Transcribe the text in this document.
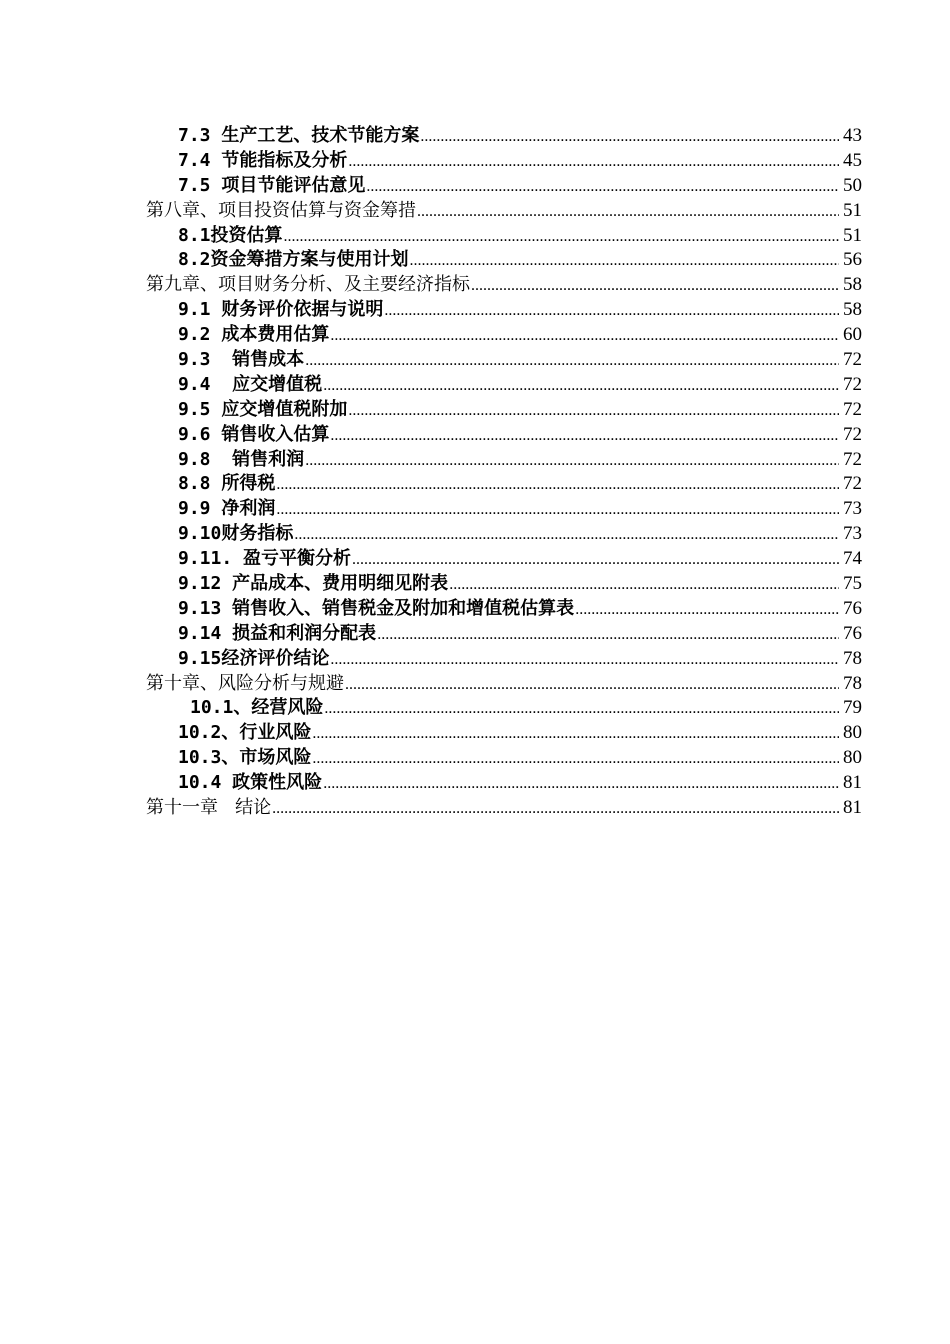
7.3 生产工艺、技术节能方案 .....	43
7.4 节能指标及分析 .....	45
7.5 项目节能评估意见 .....	50
第八章、项目投资估算与资金筹措 .....	51
8.1投资估算 .....	51
8.2资金筹措方案与使用计划 .....	56
第九章、项目财务分析、及主要经济指标 .....	58
9.1 财务评价依据与说明 .....	58
9.2 成本费用估算 .....	60
9.3  销售成本 .....	72
9.4  应交增值税 .....	72
9.5 应交增值税附加 .....	72
9.6 销售收入估算 .....	72
9.8  销售利润 .....	72
8.8 所得税 .....	72
9.9 净利润 .....	73
9.10财务指标 .....	73
9.11. 盈亏平衡分析 .....	74
9.12 产品成本、费用明细见附表 .....	75
9.13 销售收入、销售税金及附加和增值税估算表 .....	76
9.14 损益和利润分配表 .....	76
9.15经济评价结论 .....	78
第十章、风险分析与规避 .....	78
10.1、经营风险 .....	79
10.2、行业风险 .....	80
10.3、市场风险 .....	80
10.4 政策性风险 .....	81
第十一章   结论 .....	81
